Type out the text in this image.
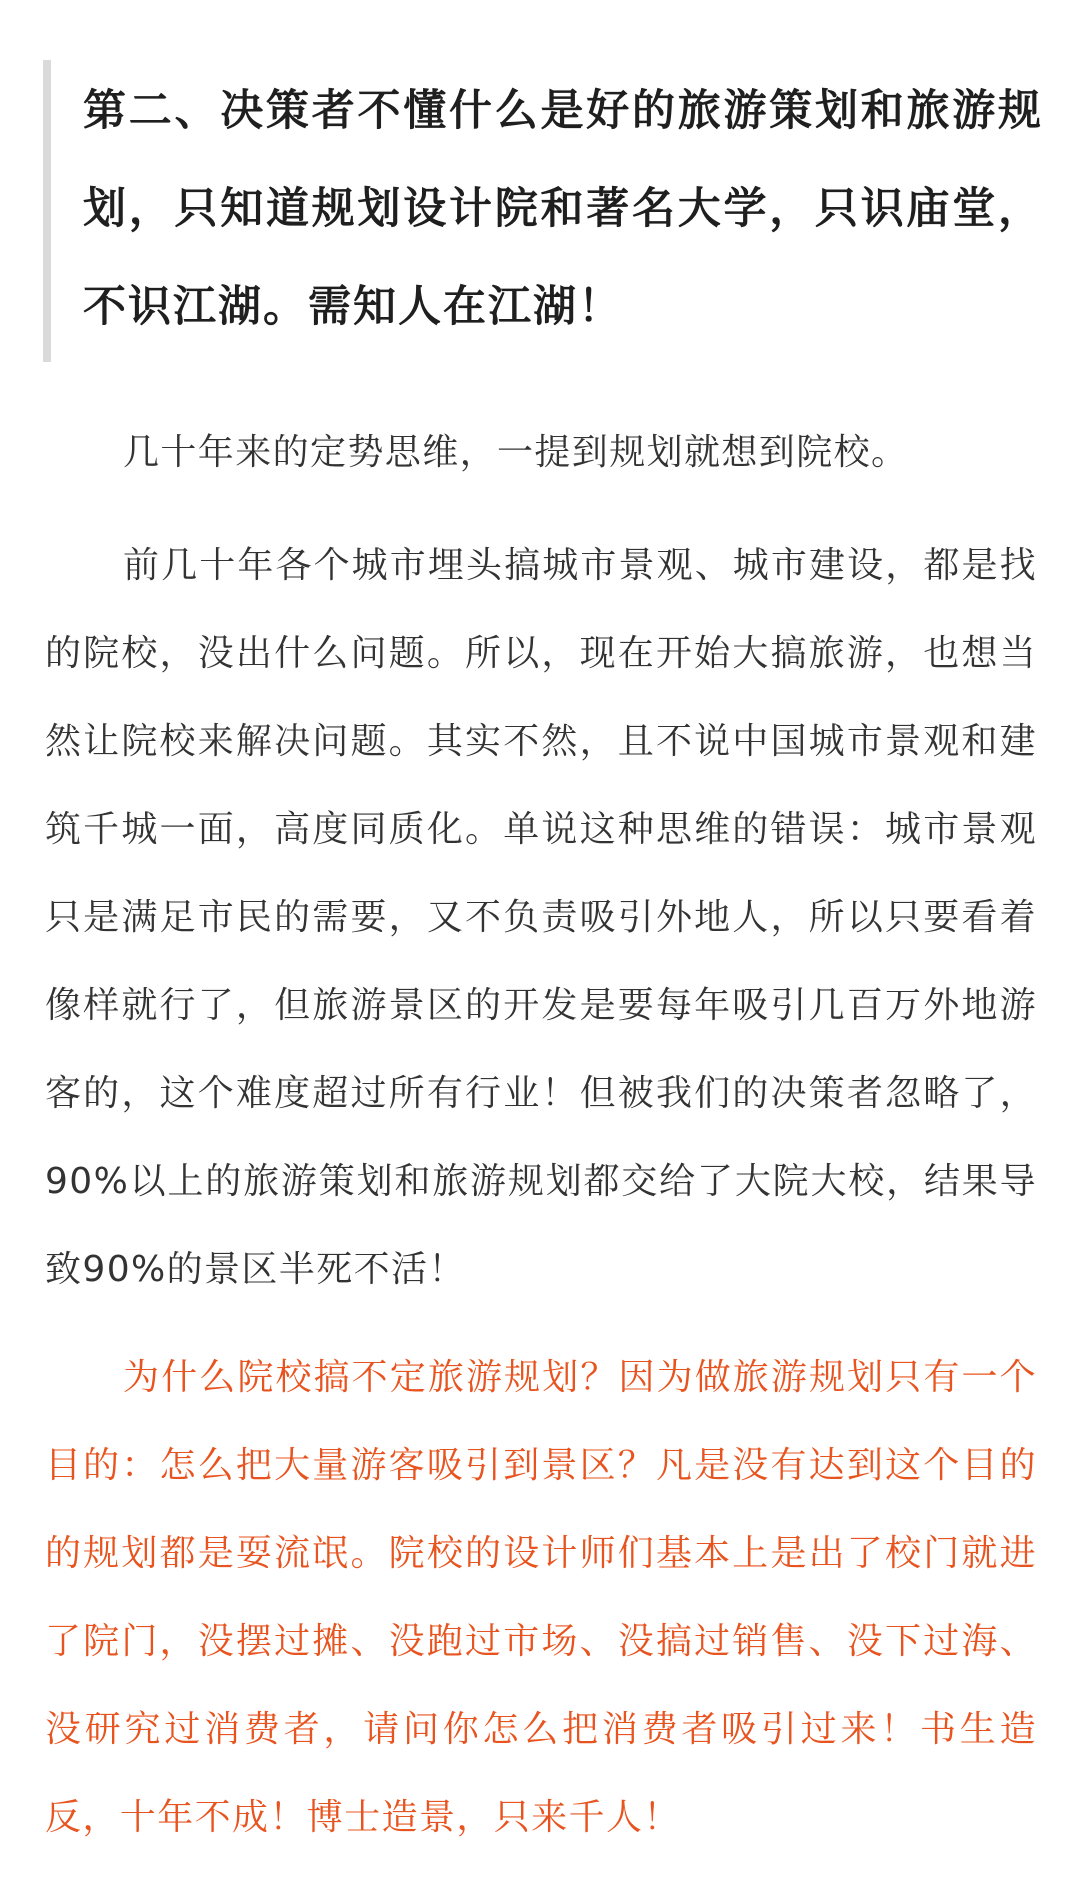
第二、决策者不懂什么是好的旅游策划和旅游规划，只知道规划设计院和著名大学，只识庙堂，不识江湖。需知人在江湖！

几十年来的定势思维，一提到规划就想到院校。

前几十年各个城市埋头搞城市景观、城市建设，都是找的院校，没出什么问题。所以，现在开始大搞旅游，也想当然让院校来解决问题。其实不然，且不说中国城市景观和建筑千城一面，高度同质化。单说这种思维的错误：城市景观只是满足市民的需要，又不负责吸引外地人，所以只要看着像样就行了，但旅游景区的开发是要每年吸引几百万外地游客的，这个难度超过所有行业！但被我们的决策者忽略了，90%以上的旅游策划和旅游规划都交给了大院大校，结果导致90%的景区半死不活！

为什么院校搞不定旅游规划？因为做旅游规划只有一个目的：怎么把大量游客吸引到景区？凡是没有达到这个目的的规划都是耍流氓。院校的设计师们基本上是出了校门就进了院门，没摆过摊、没跑过市场、没搞过销售、没下过海、没研究过消费者，请问你怎么把消费者吸引过来！书生造反，十年不成！博士造景，只来千人！
